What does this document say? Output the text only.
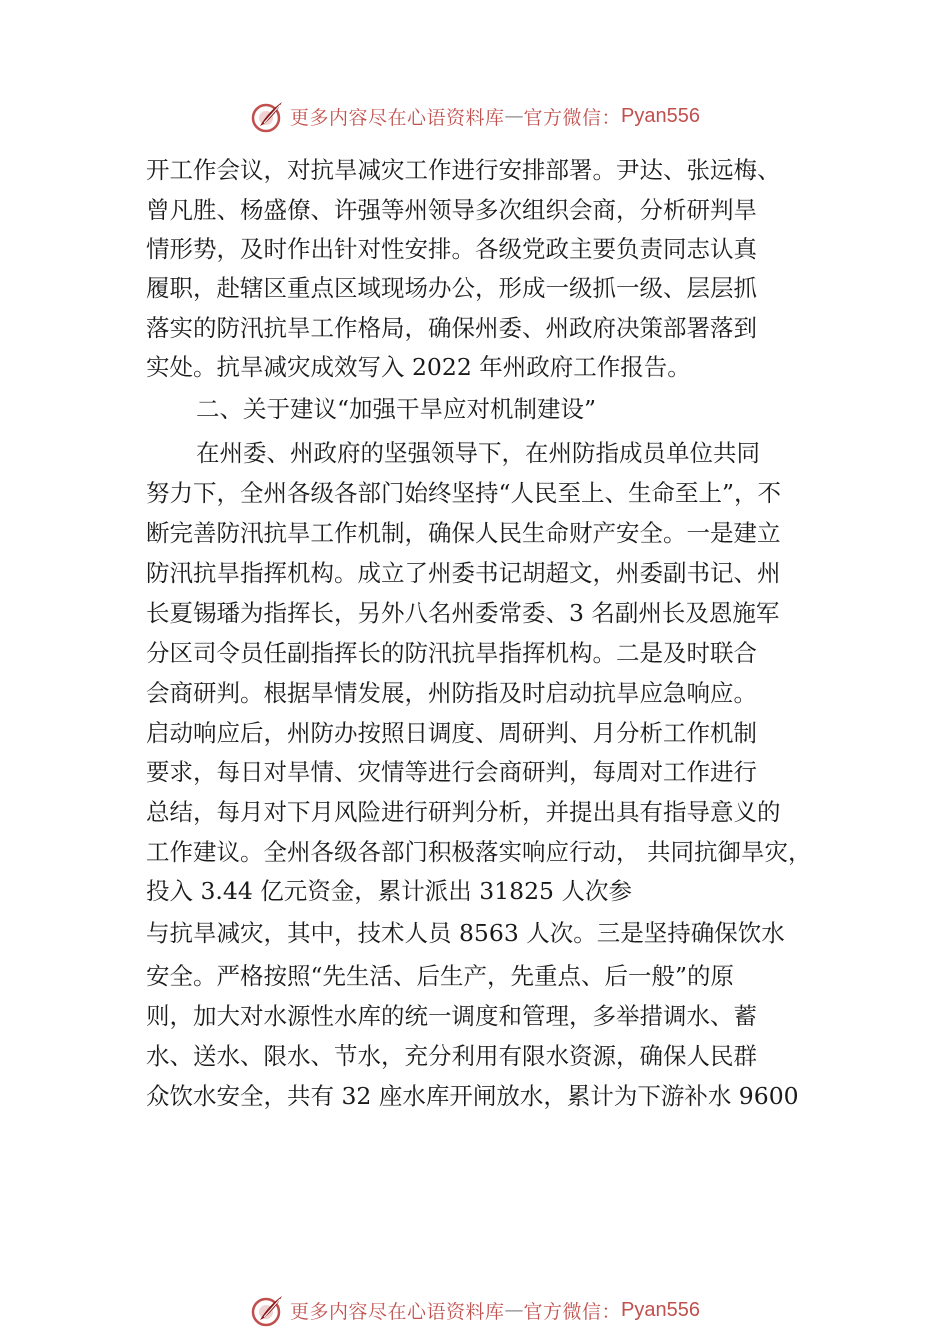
更多内容尽在心语资料库 — 官方微信： Pyan556
开工作会议，对抗旱减灾工作进行安排部署。尹达、张远梅、
曾凡胜、杨盛僚、许强等州领导多次组织会商，分析研判旱
情形势，及时作出针对性安排。各级党政主要负责同志认真
履职，赴辖区重点区域现场办公，形成一级抓一级、层层抓
落实的防汛抗旱工作格局，确保州委、州政府决策部署落到
实处。抗旱减灾成效写入 2022 年州政府工作报告。
二、关于建议“加强干旱应对机制建设”
在州委、州政府的坚强领导下，在州防指成员单位共同
努力下，全州各级各部门始终坚持“人民至上、生命至上”，不
断完善防汛抗旱工作机制，确保人民生命财产安全。一是建立
防汛抗旱指挥机构。成立了州委书记胡超文，州委副书记、州
长夏锡璠为指挥长，另外八名州委常委、3 名副州长及恩施军
分区司令员任副指挥长的防汛抗旱指挥机构。二是及时联合
会商研判。根据旱情发展，州防指及时启动抗旱应急响应。
启动响应后，州防办按照日调度、周研判、月分析工作机制
要求，每日对旱情、灾情等进行会商研判，每周对工作进行
总结，每月对下月风险进行研判分析，并提出具有指导意义的
工作建议。全州各级各部门积极落实响应行动， 共同抗御旱灾，
投入 3.44 亿元资金，累计派出 31825 人次参
与抗旱减灾，其中，技术人员 8563 人次。三是坚持确保饮水
安全。严格按照“先生活、后生产，先重点、后一般”的原
则，加大对水源性水库的统一调度和管理，多举措调水、蓄
水、送水、限水、节水，充分利用有限水资源，确保人民群
众饮水安全，共有 32 座水库开闸放水，累计为下游补水 9600
更多内容尽在心语资料库 — 官方微信： Pyan556
